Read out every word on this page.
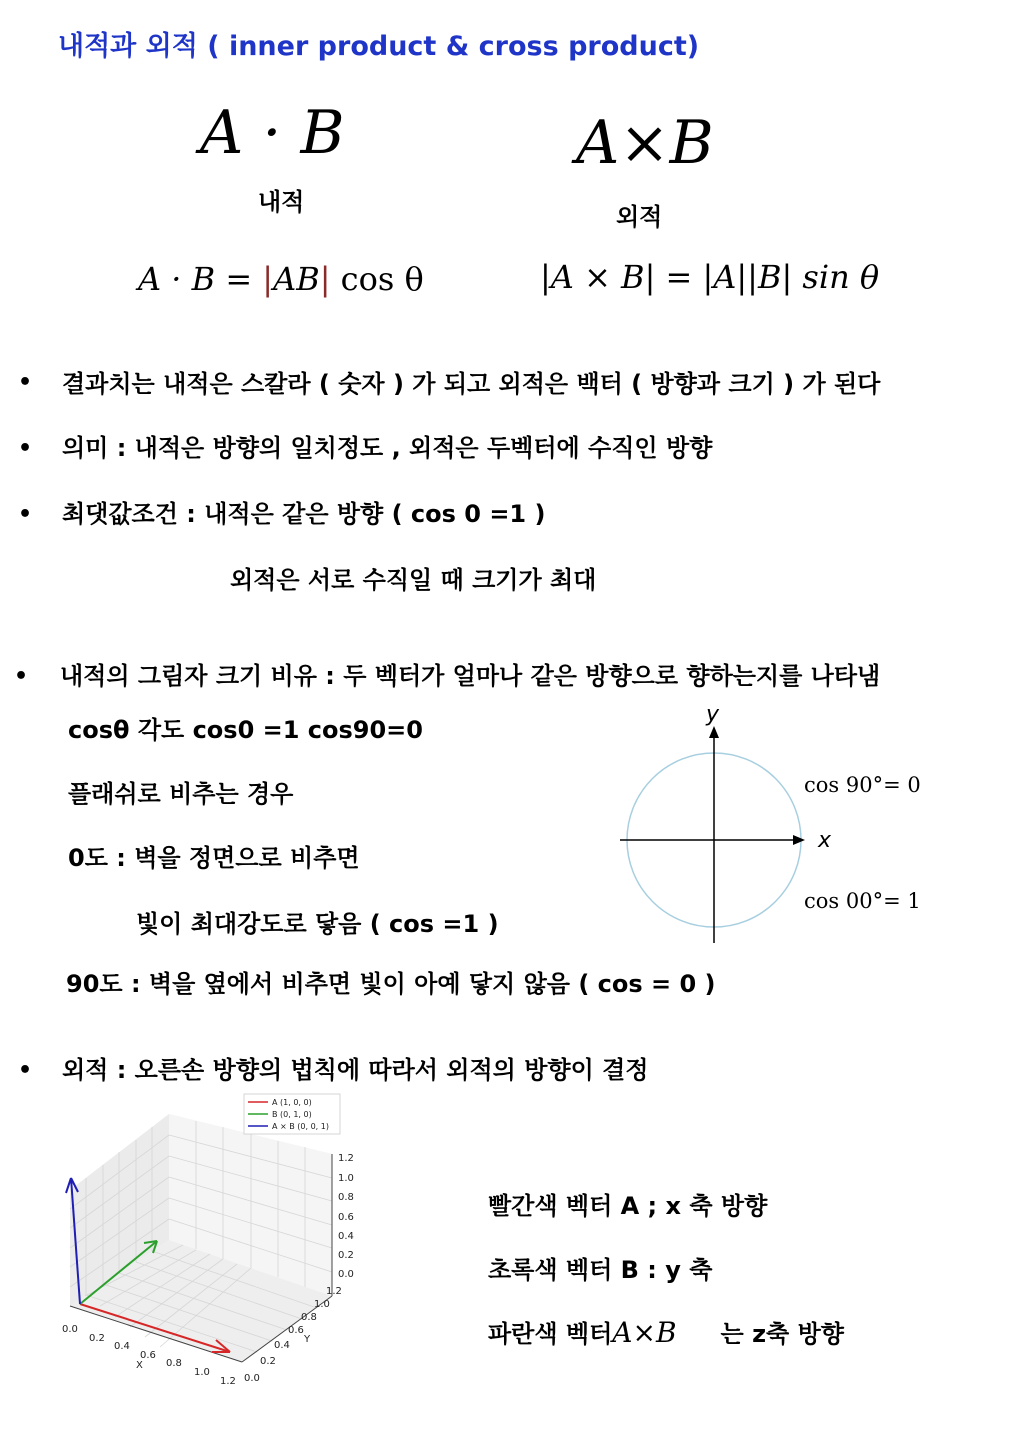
내적과 외적 ( inner product & cross product)
A · B
내적
A×B
외적
A · B = |AB| cos θ	|A × B| = |A||B| sin θ
• 결과치는 내적은 스칼라 ( 숫자 ) 가 되고 외적은 백터 ( 방향과 크기 ) 가 된다
• 의미 : 내적은 방향의 일치정도 , 외적은 두벡터에 수직인 방향
• 최댓값조건 : 내적은 같은 방향 ( cos 0 =1 )
외적은 서로 수직일 때 크기가 최대
• 내적의 그림자 크기 비유 : 두 벡터가 얼마나 같은 방향으로 향하는지를 나타냄
cosθ 각도 cos0 =1 cos90=0
플래쉬로 비추는 경우
0도 : 벽을 정면으로 비추면
빛이 최대강도로 닿음 ( cos =1 )
90도 : 벽을 옆에서 비추면 빛이 아예 닿지 않음 ( cos = 0 )
x
y
cos 90°= 0
cos 00°= 1
• 외적 : 오른손 방향의 법칙에 따라서 외적의 방향이 결정
빨간색 벡터 A ; x 축 방향
초록색 벡터 B : y 축
파란색 벡터A×B 는 z축 방향
1.2
1.0
0.8
0.6
0.4
0.2
0.0
1.2
1.0
0.8
0.6
0.4
0.2
0.0
Y
0.0
0.2
0.4
0.6
0.8
1.0
1.2
X
A (1, 0, 0)
B (0, 1, 0)
A × B (0, 0, 1)
